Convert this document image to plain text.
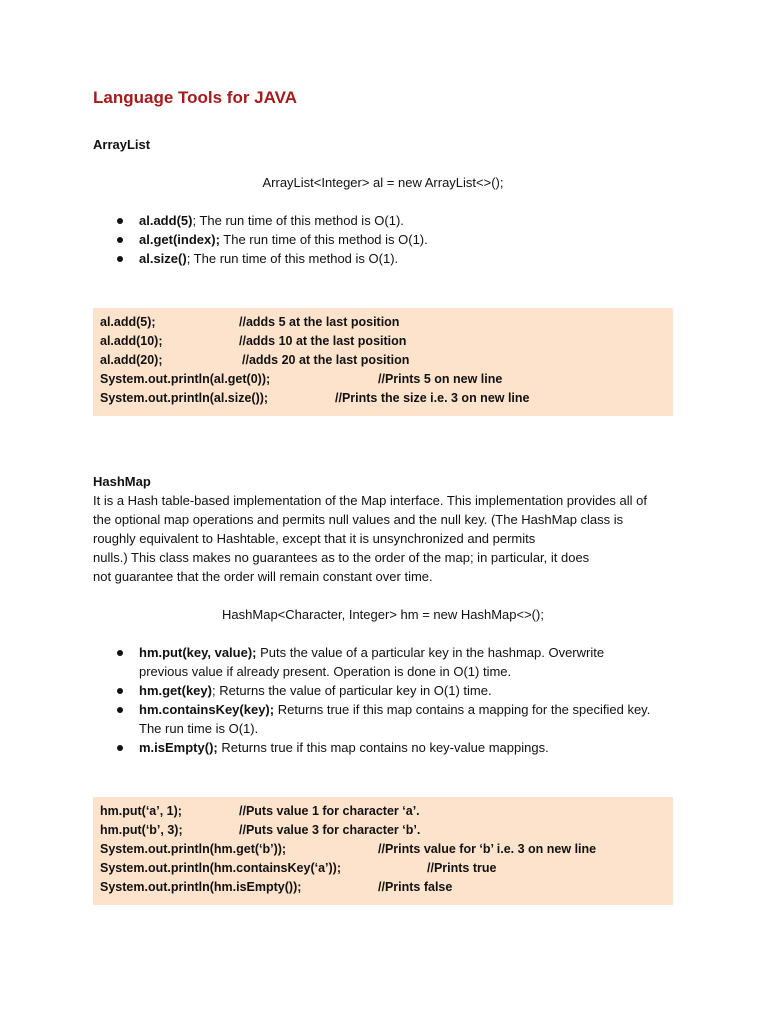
Language Tools for JAVA
ArrayList
ArrayList<Integer> al = new ArrayList<>();
al.add(5); The run time of this method is O(1).
al.get(index); The run time of this method is O(1).
al.size(); The run time of this method is O(1).
al.add(5);	//adds 5 at the last position
al.add(10);	//adds 10 at the last position
al.add(20);	//adds 20 at the last position
System.out.println(al.get(0));	//Prints 5 on new line
System.out.println(al.size());	//Prints the size i.e. 3 on new line
HashMap
It is a Hash table-based implementation of the Map interface. This implementation provides all of
the optional map operations and permits null values and the null key. (The HashMap class is
roughly equivalent to Hashtable, except that it is unsynchronized and permits
nulls.) This class makes no guarantees as to the order of the map; in particular, it does
not guarantee that the order will remain constant over time.
HashMap<Character, Integer> hm = new HashMap<>();
hm.put(key, value); Puts the value of a particular key in the hashmap. Overwrite
previous value if already present. Operation is done in O(1) time.
hm.get(key); Returns the value of particular key in O(1) time.
hm.containsKey(key); Returns true if this map contains a mapping for the specified key.
The run time is O(1).
m.isEmpty(); Returns true if this map contains no key-value mappings.
hm.put(‘a’, 1);	//Puts value 1 for character ‘a’.
hm.put(‘b’, 3);	//Puts value 3 for character ‘b’.
System.out.println(hm.get(‘b’));	//Prints value for ‘b’ i.e. 3 on new line
System.out.println(hm.containsKey(‘a’));	//Prints true
System.out.println(hm.isEmpty());	//Prints false
